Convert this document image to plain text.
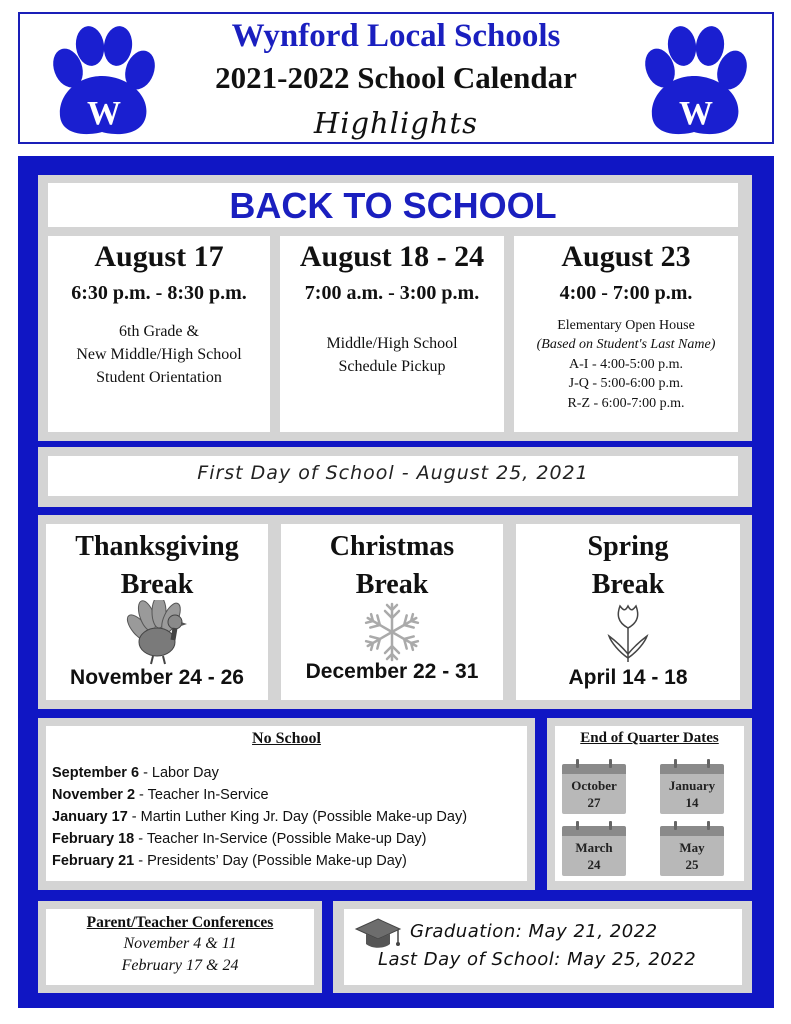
W
Wynford Local Schools
2021-2022 School Calendar
Highlights	W
BACK TO SCHOOL
August 17
6:30 p.m. - 8:30 p.m.
6th Grade &
New Middle/High School
Student Orientation
August 18 - 24
7:00 a.m. - 3:00 p.m.
Middle/High School
Schedule Pickup
August 23
4:00 - 7:00 p.m.
Elementary Open House
(Based on Student's Last Name)
A-I - 4:00-5:00 p.m.
J-Q - 5:00-6:00 p.m.
R-Z - 6:00-7:00 p.m.
First Day of School - August 25, 2021
Thanksgiving
Break
November 24 - 26
Christmas
Break
December 22 - 31
Spring
Break
April 14 - 18
No School
September 6 - Labor Day
November 2 - Teacher In-Service
January 17 - Martin Luther King Jr. Day (Possible Make-up Day)
February 18 - Teacher In-Service (Possible Make-up Day)
February 21 - Presidents’ Day (Possible Make-up Day)
End of Quarter Dates
October
27
January
14
March
24
May
25
Parent/Teacher Conferences
November 4 & 11
February 17 & 24
Graduation: May 21, 2022
Last Day of School: May 25, 2022
